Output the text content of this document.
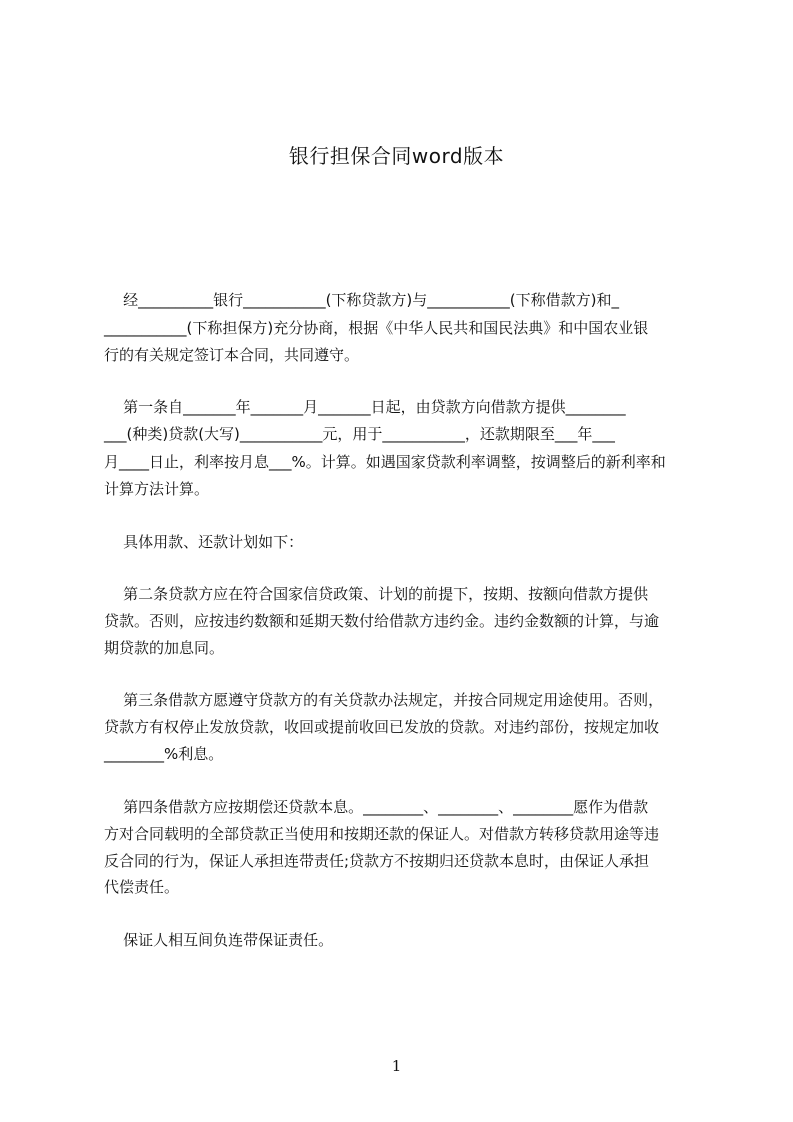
银行担保合同word版本
经__________银行___________(下称贷款方)与___________(下称借款方)和_
___________(下称担保方)充分协商，根据《中华人民共和国民法典》和中国农业银
行的有关规定签订本合同，共同遵守。
第一条自_______年_______月_______日起，由贷款方向借款方提供________
___(种类)贷款(大写)___________元，用于___________，还款期限至___年___
月____日止，利率按月息___%。计算。如遇国家贷款利率调整，按调整后的新利率和
计算方法计算。
具体用款、还款计划如下：
第二条贷款方应在符合国家信贷政策、计划的前提下，按期、按额向借款方提供
贷款。否则，应按违约数额和延期天数付给借款方违约金。违约金数额的计算，与逾
期贷款的加息同。
第三条借款方愿遵守贷款方的有关贷款办法规定，并按合同规定用途使用。否则，
贷款方有权停止发放贷款，收回或提前收回已发放的贷款。对违约部份，按规定加收
________%利息。
第四条借款方应按期偿还贷款本息。________、________、________愿作为借款
方对合同载明的全部贷款正当使用和按期还款的保证人。对借款方转移贷款用途等违
反合同的行为，保证人承担连带责任;贷款方不按期归还贷款本息时，由保证人承担
代偿责任。
保证人相互间负连带保证责任。
1
